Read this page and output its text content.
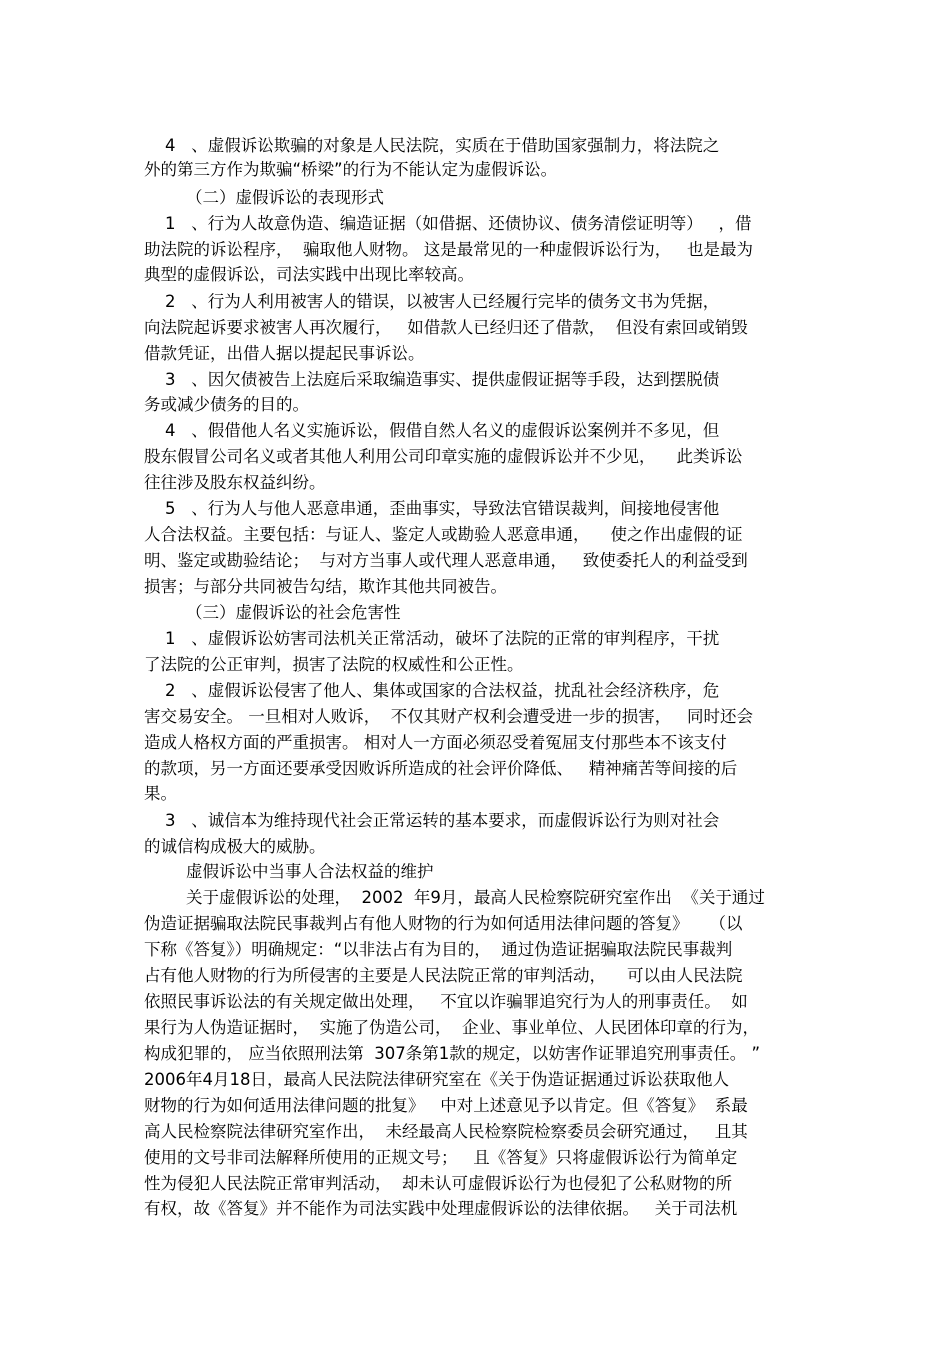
4   、虚假诉讼欺骗的对象是人民法院，实质在于借助国家强制力，将法院之

外的第三方作为欺骗“桥梁”的行为不能认定为虚假诉讼。

（二）虚假诉讼的表现形式

1   、行为人故意伪造、编造证据（如借据、还债协议、债务清偿证明等）   ，借

助法院的诉讼程序，  骗取他人财物。 这是最常见的一种虚假诉讼行为，   也是最为

典型的虚假诉讼，司法实践中出现比率较高。

2   、行为人利用被害人的错误，以被害人已经履行完毕的债务文书为凭据，

向法院起诉要求被害人再次履行，   如借款人已经归还了借款，  但没有索回或销毁

借款凭证，出借人据以提起民事诉讼。

3   、因欠债被告上法庭后采取编造事实、提供虚假证据等手段，达到摆脱债

务或减少债务的目的。

4   、假借他人名义实施诉讼，假借自然人名义的虚假诉讼案例并不多见，但

股东假冒公司名义或者其他人利用公司印章实施的虚假诉讼并不少见，    此类诉讼

往往涉及股东权益纠纷。

5   、行为人与他人恶意串通，歪曲事实，导致法官错误裁判，间接地侵害他

人合法权益。主要包括：与证人、鉴定人或勘验人恶意串通，    使之作出虚假的证

明、鉴定或勘验结论；  与对方当事人或代理人恶意串通，   致使委托人的利益受到

损害；与部分共同被告勾结，欺诈其他共同被告。

（三）虚假诉讼的社会危害性

1   、虚假诉讼妨害司法机关正常活动，破坏了法院的正常的审判程序，干扰

了法院的公正审判，损害了法院的权威性和公正性。

2   、虚假诉讼侵害了他人、集体或国家的合法权益，扰乱社会经济秩序，危

害交易安全。 一旦相对人败诉，  不仅其财产权利会遭受进一步的损害，   同时还会

造成人格权方面的严重损害。 相对人一方面必须忍受着冤屈支付那些本不该支付

的款项，另一方面还要承受因败诉所造成的社会评价降低、   精神痛苦等间接的后

果。

3   、诚信本为维持现代社会正常运转的基本要求，而虚假诉讼行为则对社会

的诚信构成极大的威胁。

虚假诉讼中当事人合法权益的维护

关于虚假诉讼的处理，  2002  年9月，最高人民检察院研究室作出  《关于通过

伪造证据骗取法院民事裁判占有他人财物的行为如何适用法律问题的答复》    （以

下称《答复》）明确规定：“以非法占有为目的，  通过伪造证据骗取法院民事裁判

占有他人财物的行为所侵害的主要是人民法院正常的审判活动，    可以由人民法院

依照民事诉讼法的有关规定做出处理，   不宜以诈骗罪追究行为人的刑事责任。  如

果行为人伪造证据时，  实施了伪造公司，  企业、事业单位、人民团体印章的行为，

构成犯罪的， 应当依照刑法第  307条第1款的规定，以妨害作证罪追究刑事责任。 ”

2006年4月18日，最高人民法院法律研究室在《关于伪造证据通过诉讼获取他人

财物的行为如何适用法律问题的批复》   中对上述意见予以肯定。但《答复》  系最

高人民检察院法律研究室作出，  未经最高人民检察院检察委员会研究通过，   且其

使用的文号非司法解释所使用的正规文号；   且《答复》只将虚假诉讼行为简单定

性为侵犯人民法院正常审判活动，  却未认可虚假诉讼行为也侵犯了公私财物的所

有权，故《答复》并不能作为司法实践中处理虚假诉讼的法律依据。   关于司法机
